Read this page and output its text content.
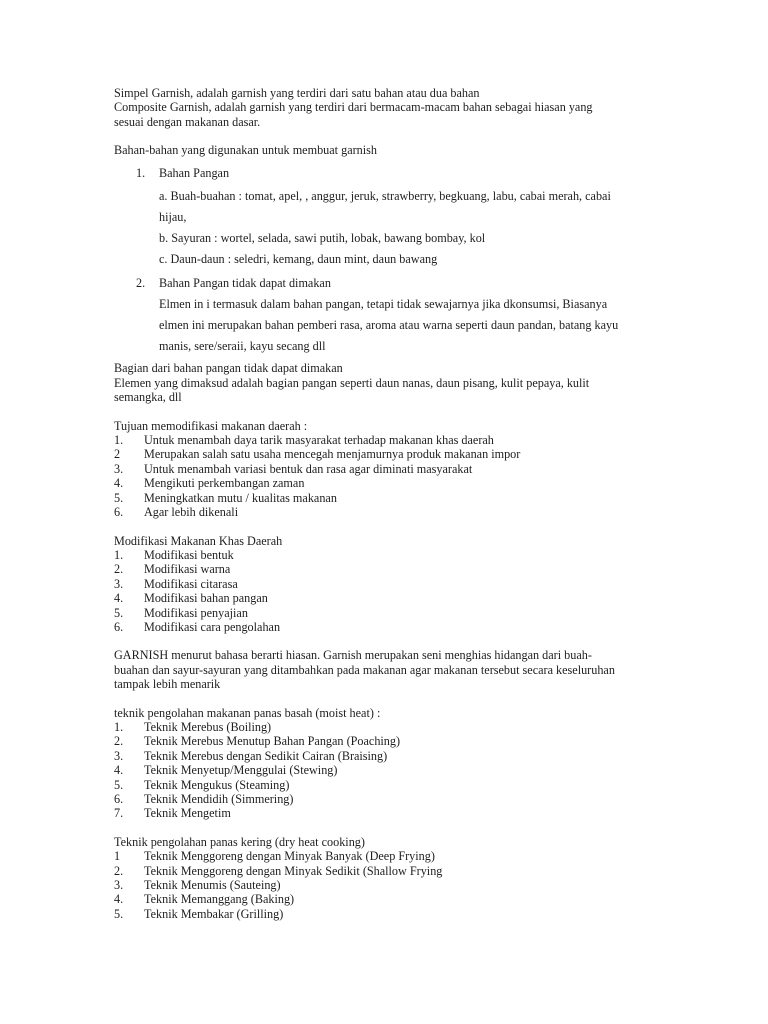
Simpel Garnish, adalah garnish yang terdiri dari satu bahan atau dua bahan

Composite Garnish, adalah garnish yang terdiri dari bermacam-macam bahan sebagai hiasan yang

sesuai dengan makanan dasar.

Bahan-bahan yang digunakan untuk membuat garnish

1. Bahan Pangan

a. Buah-buahan : tomat, apel, , anggur, jeruk, strawberry, begkuang, labu, cabai merah, cabai

hijau,

b. Sayuran : wortel, selada, sawi putih, lobak, bawang bombay, kol

c. Daun-daun : seledri, kemang, daun mint, daun bawang

2. Bahan Pangan tidak dapat dimakan

Elmen in i termasuk dalam bahan pangan, tetapi tidak sewajarnya jika dkonsumsi, Biasanya

elmen ini merupakan bahan pemberi rasa, aroma atau warna seperti daun pandan, batang kayu

manis, sere/seraii, kayu secang dll

Bagian dari bahan pangan tidak dapat dimakan

Elemen yang dimaksud adalah bagian pangan seperti daun nanas, daun pisang, kulit pepaya, kulit

semangka, dll

Tujuan memodifikasi makanan daerah :

1. Untuk menambah daya tarik masyarakat terhadap makanan khas daerah
2 Merupakan salah satu usaha mencegah menjamurnya produk makanan impor
3. Untuk menambah variasi bentuk dan rasa agar diminati masyarakat
4. Mengikuti perkembangan zaman
5. Meningkatkan mutu / kualitas makanan
6. Agar lebih dikenali

Modifikasi Makanan Khas Daerah

1. Modifikasi bentuk
2. Modifikasi warna
3. Modifikasi citarasa
4. Modifikasi bahan pangan
5. Modifikasi penyajian
6. Modifikasi cara pengolahan

GARNISH menurut bahasa berarti hiasan. Garnish merupakan seni menghias hidangan dari buah-

buahan dan sayur-sayuran yang ditambahkan pada makanan agar makanan tersebut secara keseluruhan

tampak lebih menarik

teknik pengolahan makanan panas basah (moist heat) :

1. Teknik Merebus (Boiling)
2. Teknik Merebus Menutup Bahan Pangan (Poaching)
3. Teknik Merebus dengan Sedikit Cairan (Braising)
4. Teknik Menyetup/Menggulai (Stewing)
5. Teknik Mengukus (Steaming)
6. Teknik Mendidih (Simmering)
7. Teknik Mengetim

Teknik pengolahan panas kering (dry heat cooking)

1 Teknik Menggoreng dengan Minyak Banyak (Deep Frying)
2. Teknik Menggoreng dengan Minyak Sedikit (Shallow Frying
3. Teknik Menumis (Sauteing)
4. Teknik Memanggang (Baking)
5. Teknik Membakar (Grilling)
